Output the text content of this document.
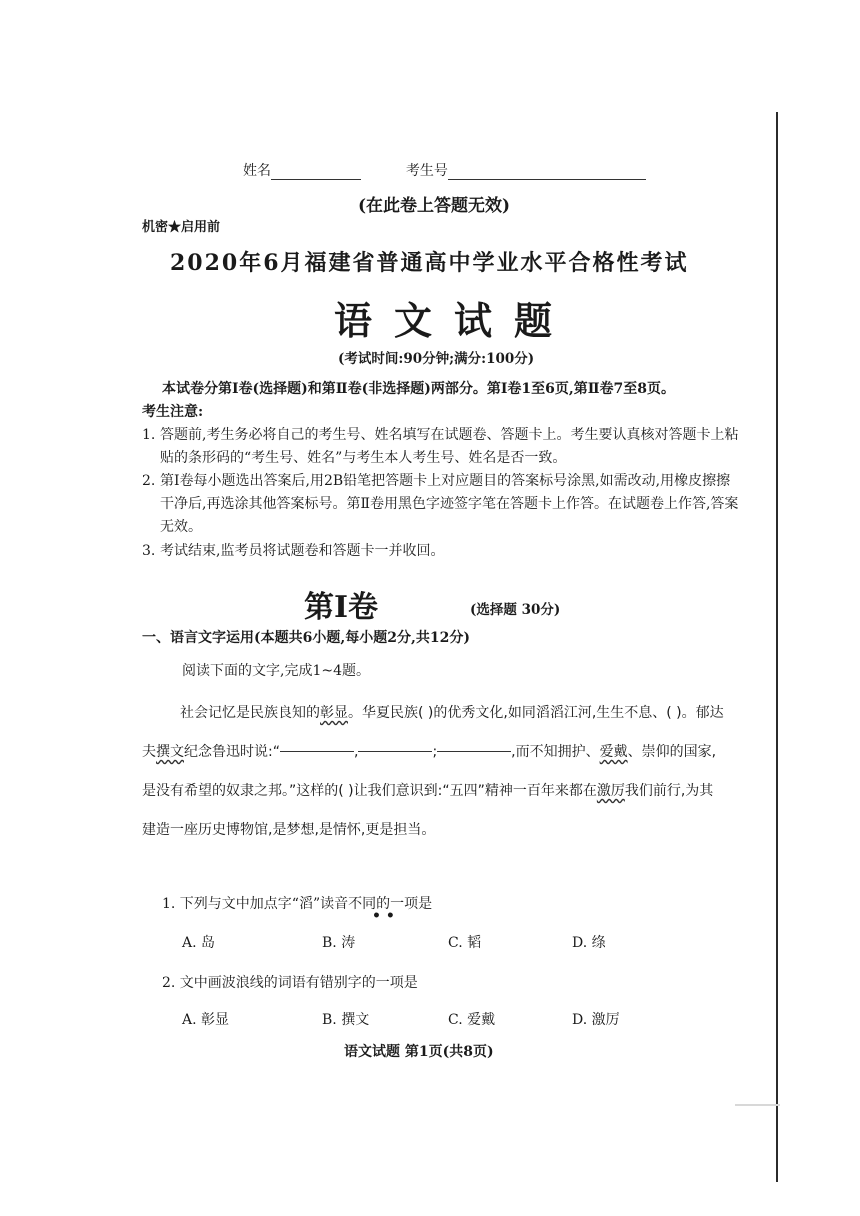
姓名	考生号
(在此卷上答题无效)
机密★启用前
2020年6月福建省普通高中学业水平合格性考试
语文试题
(考试时间:90分钟;满分:100分)
本试卷分第Ⅰ卷(选择题)和第Ⅱ卷(非选择题)两部分。第Ⅰ卷1至6页,第Ⅱ卷7至8页。
考生注意:
1. 答题前,考生务必将自己的考生号、姓名填写在试题卷、答题卡上。考生要认真核对答题卡上粘贴的条形码的“考生号、姓名”与考生本人考生号、姓名是否一致。
2. 第Ⅰ卷每小题选出答案后,用2B铅笔把答题卡上对应题目的答案标号涂黑,如需改动,用橡皮擦擦干净后,再选涂其他答案标号。第Ⅱ卷用黑色字迹签字笔在答题卡上作答。在试题卷上作答,答案无效。
3. 考试结束,监考员将试题卷和答题卡一并收回。
第Ⅰ卷	(选择题 30分)
一、语言文字运用(本题共6小题,每小题2分,共12分)
阅读下面的文字,完成1~4题。
社会记忆是民族良知的彰显。华夏民族( )的优秀文化,如同滔滔江河,生生不息、( )。郁达夫撰文纪念鲁迅时说:“	,	;	,而不知拥护、爱戴、崇仰的国家,是没有希望的奴隶之邦。”这样的( )让我们意识到:“五四”精神一百年来都在激厉我们前行,为其建造一座历史博物馆,是梦想,是情怀,更是担当。
1. 下列与文中加点字“滔”读音不同的一项是
• •
A. 岛	B. 涛	C. 韬	D. 绦
2. 文中画波浪线的词语有错别字的一项是
A. 彰显	B. 撰文	C. 爱戴	D. 激厉
语文试题 第1页(共8页)
